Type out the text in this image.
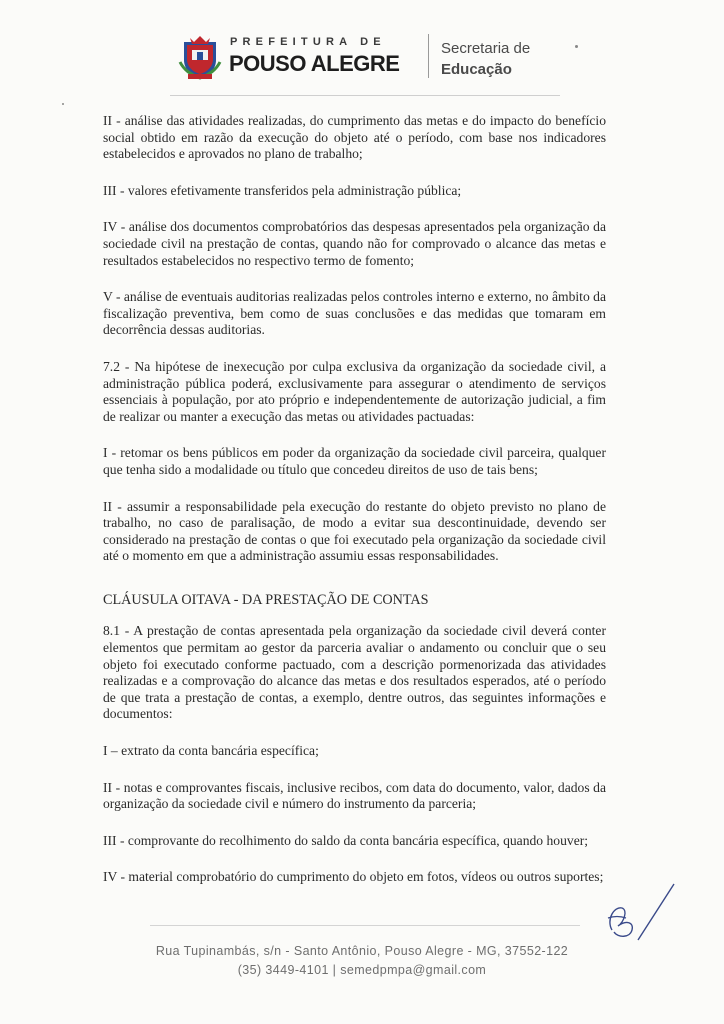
PREFEITURA DE
POUSO ALEGRE
Secretaria de
Educação

II - análise das atividades realizadas, do cumprimento das metas e do impacto do benefício social obtido em razão da execução do objeto até o período, com base nos indicadores estabelecidos e aprovados no plano de trabalho;

III - valores efetivamente transferidos pela administração pública;

IV - análise dos documentos comprobatórios das despesas apresentados pela organização da sociedade civil na prestação de contas, quando não for comprovado o alcance das metas e resultados estabelecidos no respectivo termo de fomento;

V - análise de eventuais auditorias realizadas pelos controles interno e externo, no âmbito da fiscalização preventiva, bem como de suas conclusões e das medidas que tomaram em decorrência dessas auditorias.

7.2 - Na hipótese de inexecução por culpa exclusiva da organização da sociedade civil, a administração pública poderá, exclusivamente para assegurar o atendimento de serviços essenciais à população, por ato próprio e independentemente de autorização judicial, a fim de realizar ou manter a execução das metas ou atividades pactuadas:

I - retomar os bens públicos em poder da organização da sociedade civil parceira, qualquer que tenha sido a modalidade ou título que concedeu direitos de uso de tais bens;

II - assumir a responsabilidade pela execução do restante do objeto previsto no plano de trabalho, no caso de paralisação, de modo a evitar sua descontinuidade, devendo ser considerado na prestação de contas o que foi executado pela organização da sociedade civil até o momento em que a administração assumiu essas responsabilidades.

CLÁUSULA OITAVA - DA PRESTAÇÃO DE CONTAS

8.1 - A prestação de contas apresentada pela organização da sociedade civil deverá conter elementos que permitam ao gestor da parceria avaliar o andamento ou concluir que o seu objeto foi executado conforme pactuado, com a descrição pormenorizada das atividades realizadas e a comprovação do alcance das metas e dos resultados esperados, até o período de que trata a prestação de contas, a exemplo, dentre outros, das seguintes informações e documentos:

I – extrato da conta bancária específica;

II - notas e comprovantes fiscais, inclusive recibos, com data do documento, valor, dados da organização da sociedade civil e número do instrumento da parceria;

III - comprovante do recolhimento do saldo da conta bancária específica, quando houver;

IV - material comprobatório do cumprimento do objeto em fotos, vídeos ou outros suportes;

Rua Tupinambás, s/n - Santo Antônio, Pouso Alegre - MG, 37552-122
(35) 3449-4101 | semedpmpa@gmail.com
